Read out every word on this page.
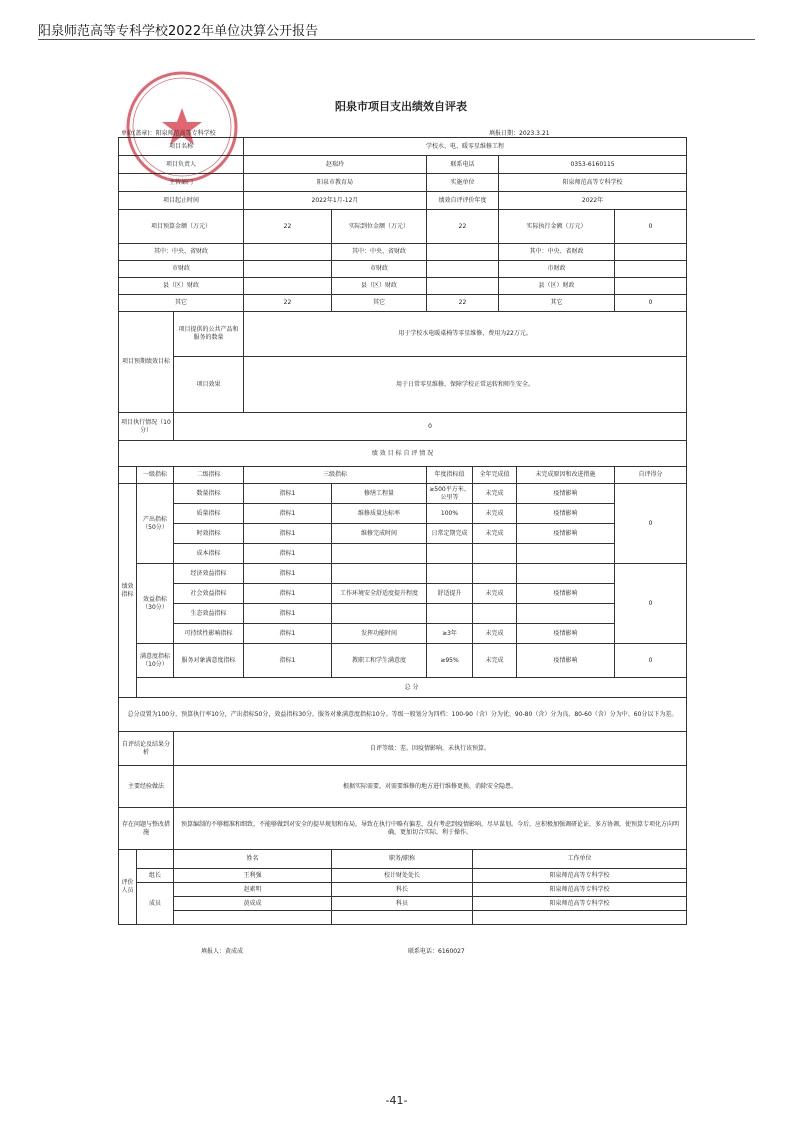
阳泉师范高等专科学校2022年单位决算公开报告
阳泉市项目支出绩效自评表
单位(盖章)：阳泉师范高等专科学校	填报日期：2023.3.21
项目名称			学校水、电、暖零星维修工程							
项目负责人			赵瑞玲		联系电话		0353-6160115			
主管部门			阳泉市教育局		实施单位		阳泉师范高等专科学校			
项目起止时间			2022年1月-12月		绩效自评评价年度		2022年			
项目预算金额（万元）			22	实际到位金额（万元）	22		实际执行金额（万元）		0	
其中：中央、省财政				其中：中央、省财政			其中：中央、省财政			
市财政				市财政			市财政			
县（区）财政				县（区）财政			县（区）财政			
其它			22	其它	22		其它		0	
项目预期绩效目标		项目提供的公共产品和服务的数量	用于学校水电暖桌椅等零星维修，费用为22万元。							
		项目效果	用于日常零星维修，保障学校正常运转和师生安全。							
项目执行情况（10分）		0								
绩 效 目 标 自 评 情 况										
	一级指标	二级指标	三级指标		年度指标值	全年完成值		未完成原因和改进措施	自评得分	
绩效指标	产出指标（50分）	数量指标	指标1	修缮工程量	≥500平方米、公里等	未完成		疫情影响	0	
		质量指标	指标1	维修质量达标率	100%	未完成		疫情影响		
		时效指标	指标1	维修完成时间	日常定期完成	未完成		疫情影响		
		成本指标	指标1							
	效益指标（30分）	经济效益指标	指标1						0	
		社会效益指标	指标1	工作环境安全舒适度提升程度	舒适提升	未完成		疫情影响		
		生态效益指标	指标1							
		可持续性影响指标	指标1	发挥功能时间	≥3年	未完成		疫情影响		
	满意度指标（10分）	服务对象满意度指标	指标1	教职工和学生满意度	≥95%	未完成		疫情影响	0	
	总 分	
总分设置为100分，预算执行率10分，产出指标50分，效益指标30分，服务对象满意度指标10分。等级一般划分为四档：100-90（含）分为优、90-80（含）分为良、80-60（含）分为中、60分以下为差。										
自评结论及结果分析		自评等级：差。因疫情影响，未执行该预算。								
主要经验做法		根据实际需要，对需要维修的地方进行维修更换，消除安全隐患。								
存在问题与整改措施		预算编制的不够精准和细致，不能够做到对安全的提早规划和布局，导致在执行中略有偏差，没有考虑到疫情影响，尽早谋划。今后，应积极加强调研论证，多方协调，使预算专项化方向明确，更加切合实际，利于操作。								
评价人员		姓名		职务/职称		工作单位	
	组长	王利强		校计财处处长		阳泉师范高等专科学校				
	成员	赵素明		科长		阳泉师范高等专科学校				
		黄成成		科员		阳泉师范高等专科学校				

填报人：黄成成	联系电话：6160027
-41-
